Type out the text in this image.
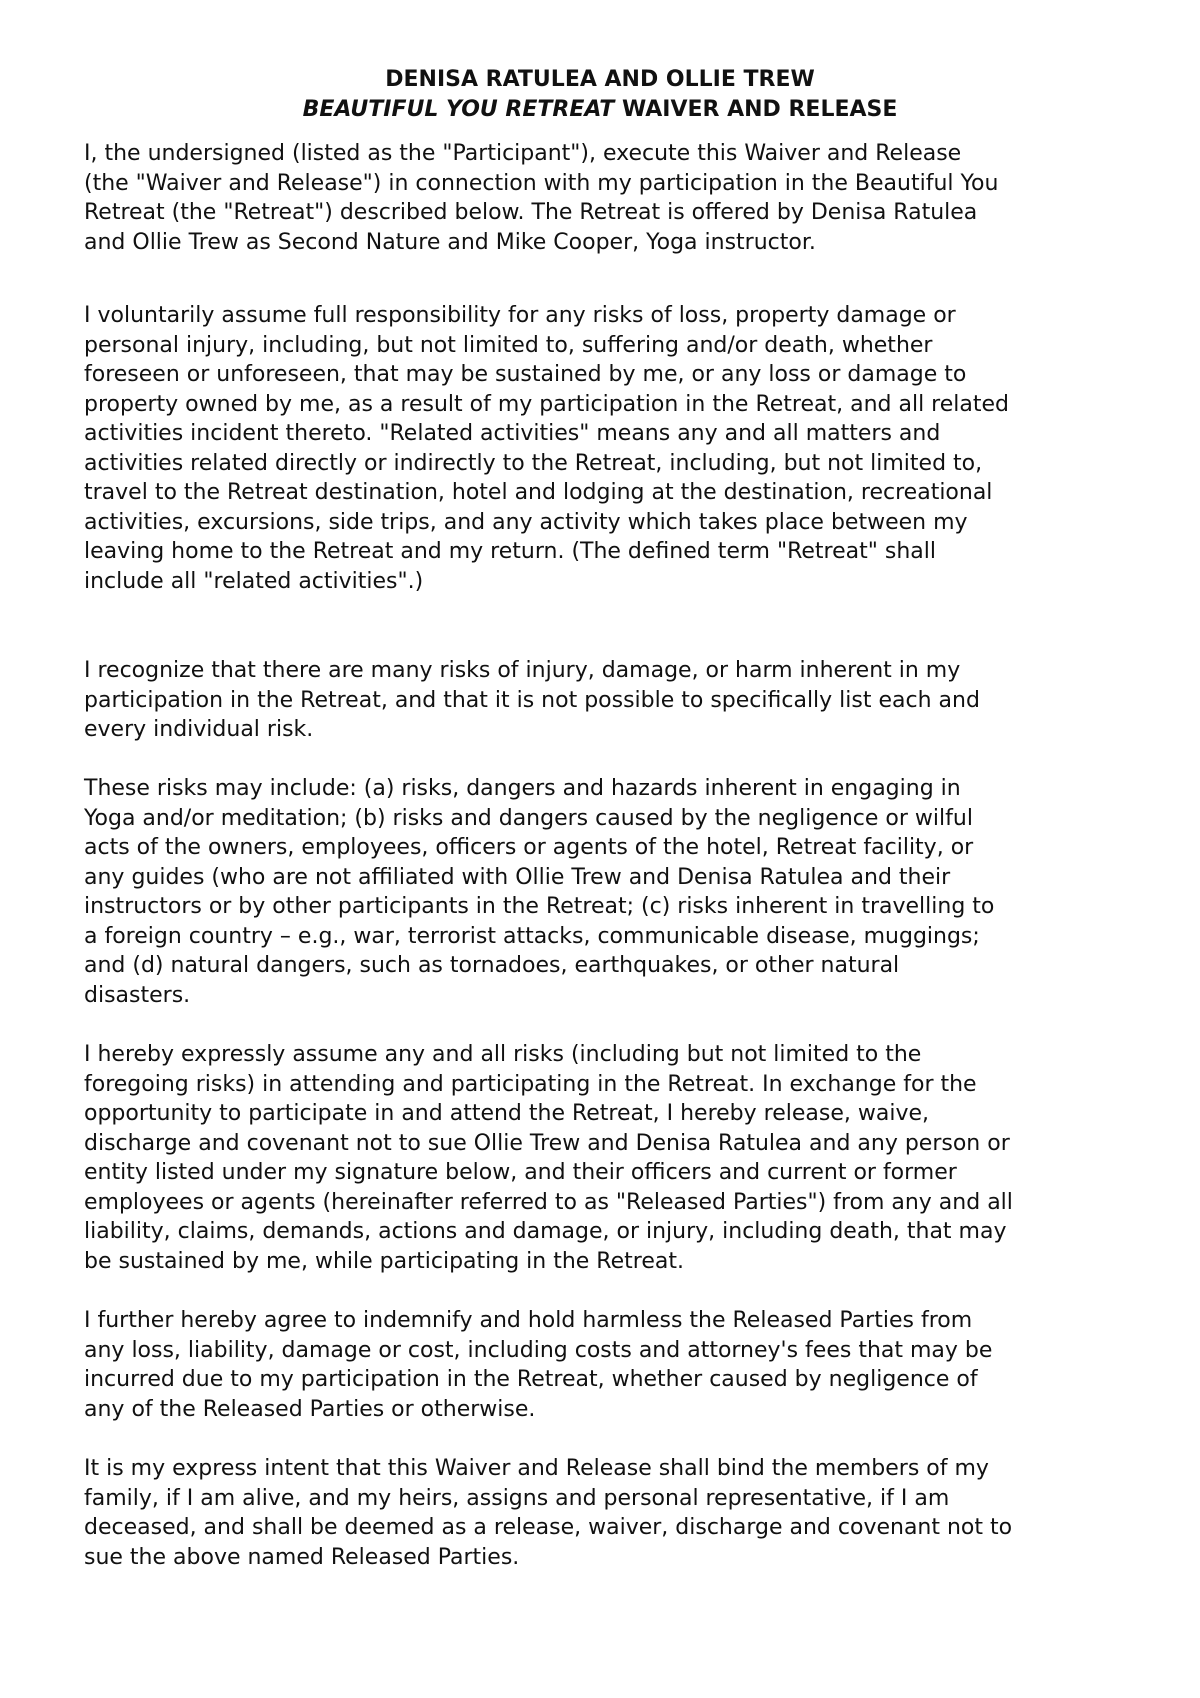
DENISA RATULEA AND OLLIE TREW
BEAUTIFUL YOU RETREAT WAIVER AND RELEASE

I, the undersigned (listed as the "Participant"), execute this Waiver and Release
(the "Waiver and Release") in connection with my participation in the Beautiful You
Retreat (the "Retreat") described below. The Retreat is offered by Denisa Ratulea
and Ollie Trew as Second Nature and Mike Cooper, Yoga instructor.

I voluntarily assume full responsibility for any risks of loss, property damage or
personal injury, including, but not limited to, suffering and/or death, whether
foreseen or unforeseen, that may be sustained by me, or any loss or damage to
property owned by me, as a result of my participation in the Retreat, and all related
activities incident thereto. "Related activities" means any and all matters and
activities related directly or indirectly to the Retreat, including, but not limited to,
travel to the Retreat destination, hotel and lodging at the destination, recreational
activities, excursions, side trips, and any activity which takes place between my
leaving home to the Retreat and my return. (The defined term "Retreat" shall
include all "related activities".)

I recognize that there are many risks of injury, damage, or harm inherent in my
participation in the Retreat, and that it is not possible to specifically list each and
every individual risk.

These risks may include: (a) risks, dangers and hazards inherent in engaging in
Yoga and/or meditation; (b) risks and dangers caused by the negligence or wilful
acts of the owners, employees, officers or agents of the hotel, Retreat facility, or
any guides (who are not affiliated with Ollie Trew and Denisa Ratulea and their
instructors or by other participants in the Retreat; (c) risks inherent in travelling to
a foreign country – e.g., war, terrorist attacks, communicable disease, muggings;
and (d) natural dangers, such as tornadoes, earthquakes, or other natural
disasters.

I hereby expressly assume any and all risks (including but not limited to the
foregoing risks) in attending and participating in the Retreat. In exchange for the
opportunity to participate in and attend the Retreat, I hereby release, waive,
discharge and covenant not to sue Ollie Trew and Denisa Ratulea and any person or
entity listed under my signature below, and their officers and current or former
employees or agents (hereinafter referred to as "Released Parties") from any and all
liability, claims, demands, actions and damage, or injury, including death, that may
be sustained by me, while participating in the Retreat.

I further hereby agree to indemnify and hold harmless the Released Parties from
any loss, liability, damage or cost, including costs and attorney's fees that may be
incurred due to my participation in the Retreat, whether caused by negligence of
any of the Released Parties or otherwise.

It is my express intent that this Waiver and Release shall bind the members of my
family, if I am alive, and my heirs, assigns and personal representative, if I am
deceased, and shall be deemed as a release, waiver, discharge and covenant not to
sue the above named Released Parties.
